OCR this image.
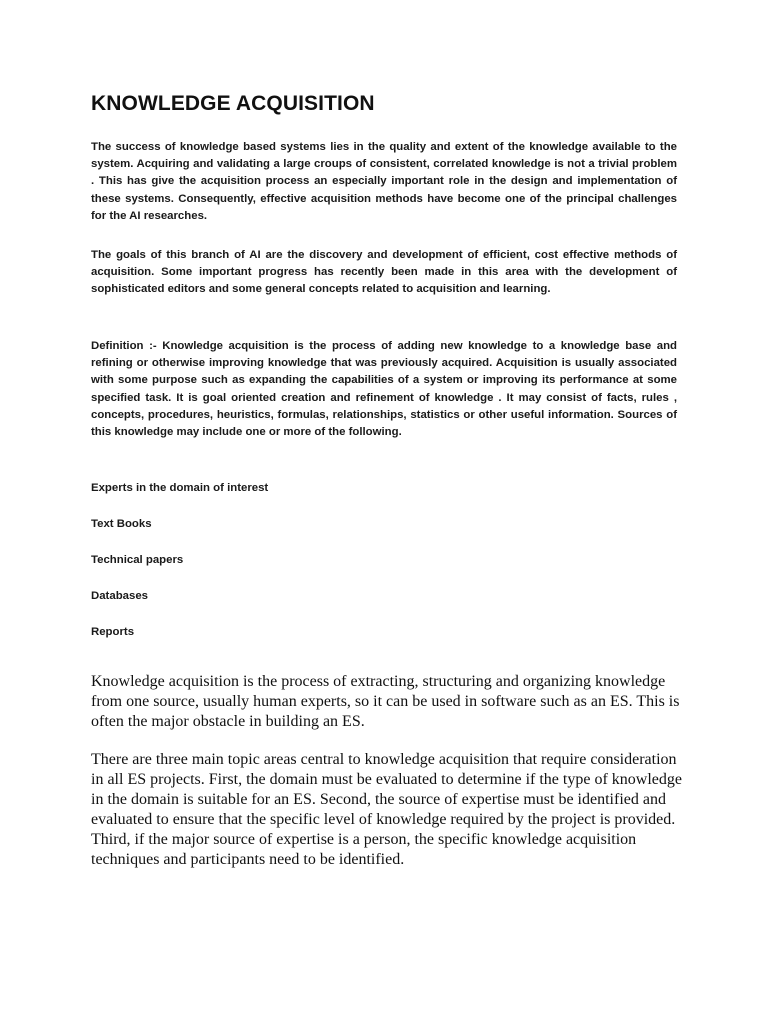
KNOWLEDGE ACQUISITION

The success of knowledge based systems lies in the quality and extent of the knowledge available to the system. Acquiring and validating a large croups of consistent, correlated knowledge is not a trivial problem . This has give the acquisition process an especially important role in the design and implementation of these systems. Consequently, effective acquisition methods have become one of the principal challenges for the AI researches.

The goals of this branch of AI are the discovery and development of efficient, cost effective methods of acquisition. Some important progress has recently been made in this area with the development of sophisticated editors and some general concepts related to acquisition and learning.

Definition :- Knowledge acquisition is the process of adding new knowledge to a knowledge base and refining or otherwise improving knowledge that was previously acquired. Acquisition is usually associated with some purpose such as expanding the capabilities of a system or improving its performance at some specified task. It is goal oriented creation and refinement of knowledge . It may consist of facts, rules , concepts, procedures, heuristics, formulas, relationships, statistics or other useful information. Sources of this knowledge may include one or more of the following.

Experts in the domain of interest

Text Books

Technical papers

Databases

Reports

Knowledge acquisition is the process of extracting, structuring and organizing knowledge from one source, usually human experts, so it can be used in software such as an ES. This is often the major obstacle in building an ES.

There are three main topic areas central to knowledge acquisition that require consideration in all ES projects. First, the domain must be evaluated to determine if the type of knowledge in the domain is suitable for an ES. Second, the source of expertise must be identified and evaluated to ensure that the specific level of knowledge required by the project is provided. Third, if the major source of expertise is a person, the specific knowledge acquisition techniques and participants need to be identified.
